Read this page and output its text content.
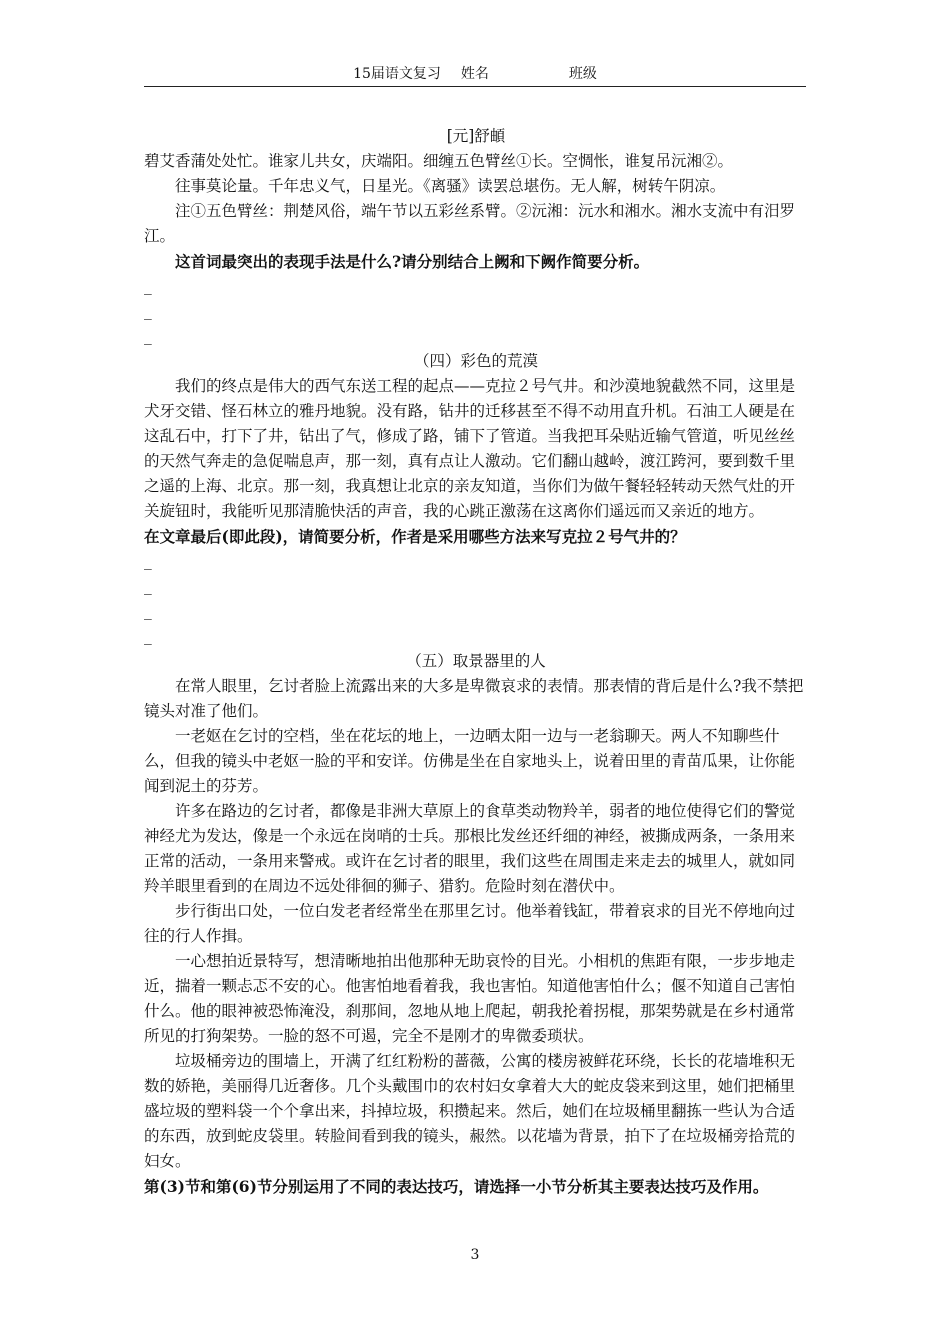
15届语文复习 姓名	班级

[元]舒頔

碧艾香蒲处处忙。谁家儿共女，庆端阳。细缠五色臂丝①长。空惆怅，谁复吊沅湘②。

往事莫论量。千年忠义气，日星光。《离骚》读罢总堪伤。无人解，树转午阴凉。

注①五色臂丝：荆楚风俗，端午节以五彩丝系臂。②沅湘：沅水和湘水。湘水支流中有汨罗江。

这首词最突出的表现手法是什么?请分别结合上阙和下阙作简要分析。

_

_

_

（四）彩色的荒漠

我们的终点是伟大的西气东送工程的起点——克拉２号气井。和沙漠地貌截然不同，这里是犬牙交错、怪石林立的雅丹地貌。没有路，钻井的迁移甚至不得不动用直升机。石油工人硬是在这乱石中，打下了井，钻出了气，修成了路，铺下了管道。当我把耳朵贴近输气管道，听见丝丝的天然气奔走的急促喘息声，那一刻，真有点让人激动。它们翻山越岭，渡江跨河，要到数千里之遥的上海、北京。那一刻，我真想让北京的亲友知道，当你们为做午餐轻轻转动天然气灶的开关旋钮时，我能听见那清脆快活的声音，我的心跳正激荡在这离你们遥远而又亲近的地方。

在文章最后(即此段)，请简要分析，作者是采用哪些方法来写克拉２号气井的？

_

_

_

_

（五）取景器里的人

在常人眼里，乞讨者脸上流露出来的大多是卑微哀求的表情。那表情的背后是什么?我不禁把镜头对准了他们。

一老妪在乞讨的空档，坐在花坛的地上，一边晒太阳一边与一老翁聊天。两人不知聊些什么，但我的镜头中老妪一脸的平和安详。仿佛是坐在自家地头上，说着田里的青苗瓜果，让你能闻到泥土的芬芳。

许多在路边的乞讨者，都像是非洲大草原上的食草类动物羚羊，弱者的地位使得它们的警觉神经尤为发达，像是一个永远在岗哨的士兵。那根比发丝还纤细的神经，被撕成两条，一条用来正常的活动，一条用来警戒。或许在乞讨者的眼里，我们这些在周围走来走去的城里人，就如同羚羊眼里看到的在周边不远处徘徊的狮子、猎豹。危险时刻在潜伏中。

步行街出口处，一位白发老者经常坐在那里乞讨。他举着钱缸，带着哀求的目光不停地向过往的行人作揖。

一心想拍近景特写，想清晰地拍出他那种无助哀怜的目光。小相机的焦距有限，一步步地走近，揣着一颗忐忑不安的心。他害怕地看着我，我也害怕。知道他害怕什么；偃不知道自己害怕什么。他的眼神被恐怖淹没，刹那间，忽地从地上爬起，朝我抡着拐棍，那架势就是在乡村通常所见的打狗架势。一脸的怒不可遏，完全不是刚才的卑微委琐状。

垃圾桶旁边的围墙上，开满了红红粉粉的蔷薇，公寓的楼房被鲜花环绕，长长的花墙堆积无数的娇艳，美丽得几近奢侈。几个头戴围巾的农村妇女拿着大大的蛇皮袋来到这里，她们把桶里盛垃圾的塑料袋一个个拿出来，抖掉垃圾，积攒起来。然后，她们在垃圾桶里翻拣一些认为合适的东西，放到蛇皮袋里。转脸间看到我的镜头，赧然。以花墙为背景，拍下了在垃圾桶旁拾荒的妇女。

第(3)节和第(6)节分别运用了不同的表达技巧，请选择一小节分析其主要表达技巧及作用。

3
